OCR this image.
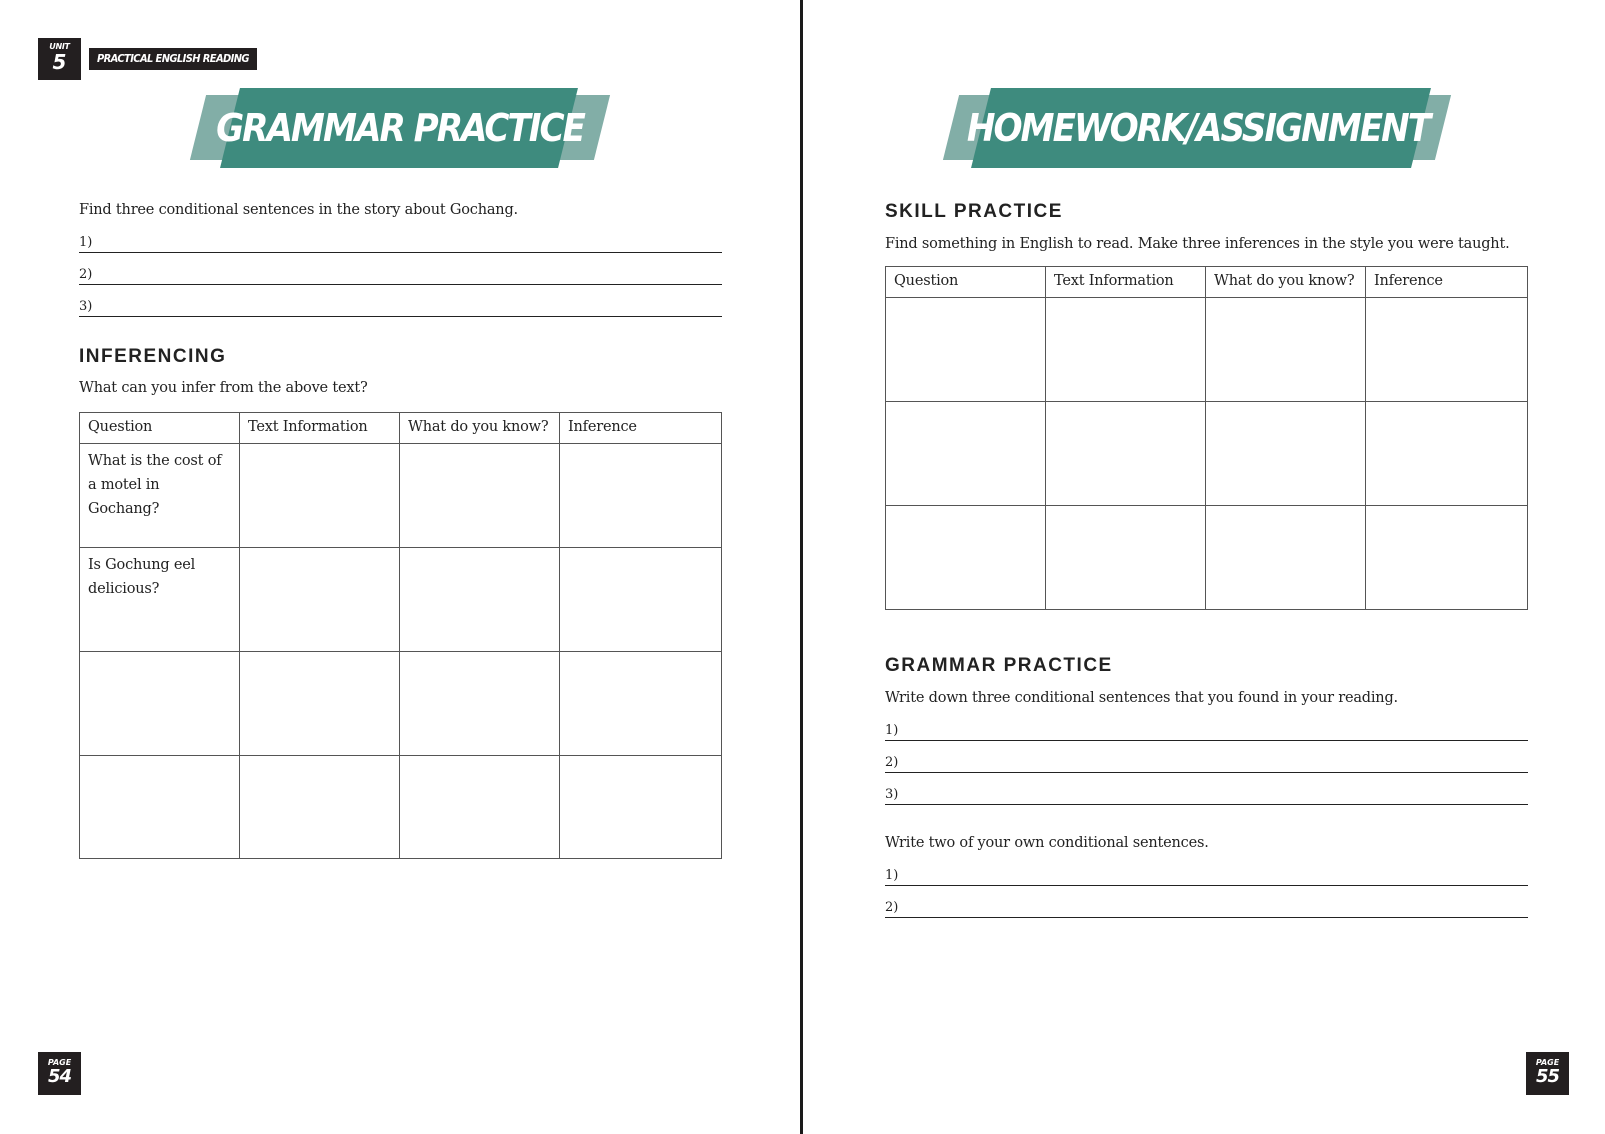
UNIT
5	PRACTICAL ENGLISH READING
GRAMMAR PRACTICE
Find three conditional sentences in the story about Gochang.
1)
2)
3)
INFERENCING
What can you infer from the above text?
Question	Text Information	What do you know?	Inference
What is the cost of a motel in Gochang?			
Is Gochung eel delicious?			

PAGE
54
HOMEWORK/ASSIGNMENT
SKILL PRACTICE
Find something in English to read. Make three inferences in the style you were taught.
Question	Text Information	What do you know?	Inference

GRAMMAR PRACTICE
Write down three conditional sentences that you found in your reading.
1)
2)
3)
Write two of your own conditional sentences.
1)
2)
PAGE
55
